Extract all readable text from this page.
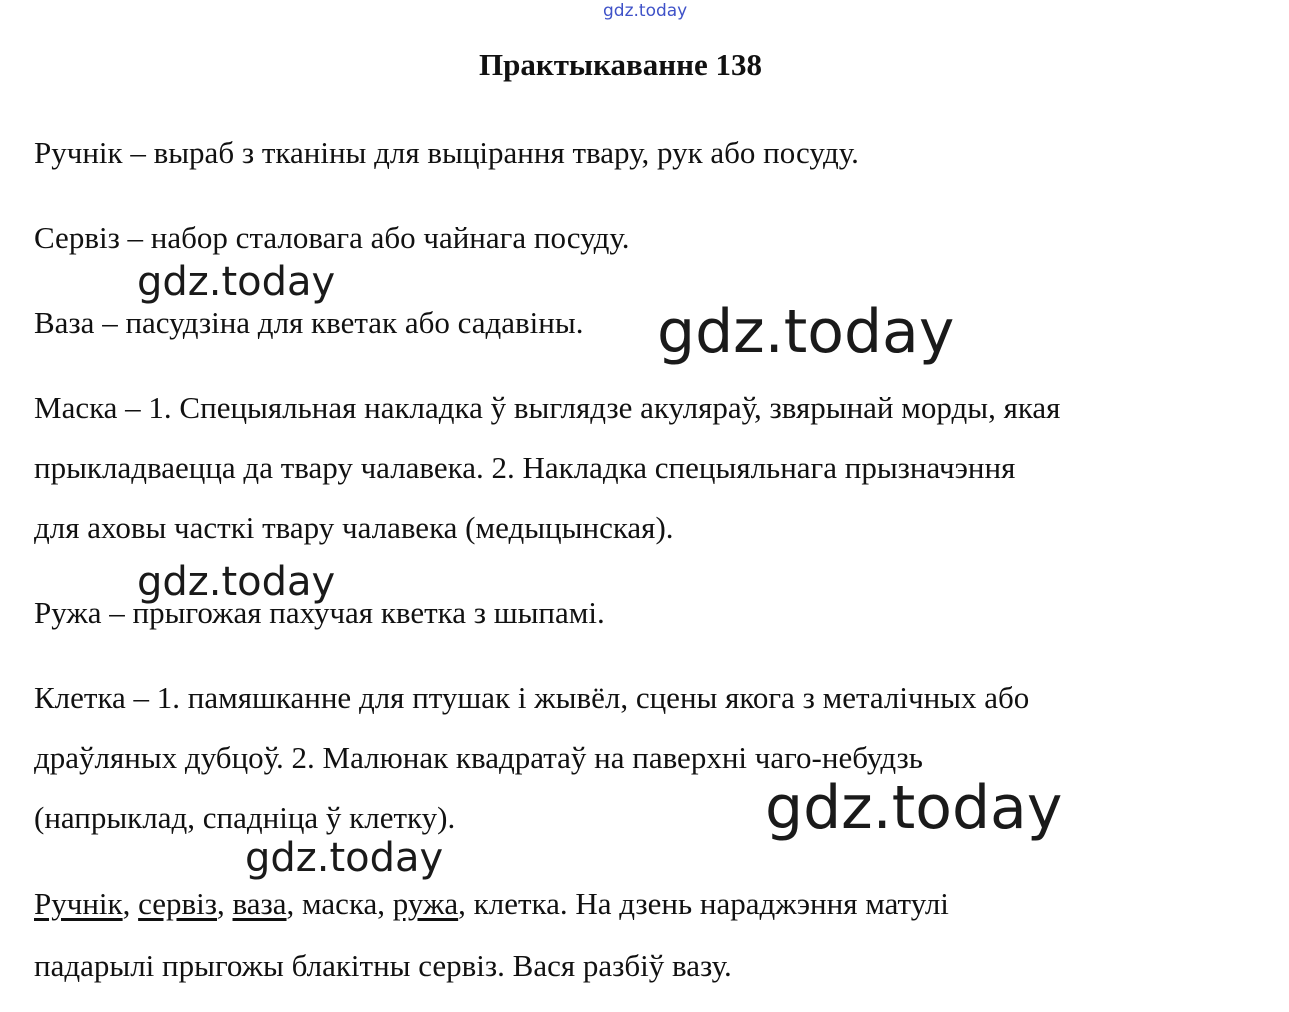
gdz.today
Практыкаванне 138

Ручнік – выраб з тканіны для выцірання твару, рук або посуду.

Сервіз – набор сталовага або чайнага посуду.

Ваза – пасудзіна для кветак або садавіны.

Маска – 1. Спецыяльная накладка ў выглядзе акуляраў, звярынай морды, якая

прыкладваецца да твару чалавека. 2. Накладка спецыяльнага прызначэння

для аховы часткі твару чалавека (медыцынская).

Ружа – прыгожая пахучая кветка з шыпамі.

Клетка – 1. памяшканне для птушак і жывёл, сцены якога з металічных або

драўляных дубцоў. 2. Малюнак квадратаў на паверхні чаго-небудзь

(напрыклад, спадніца ў клетку).

Ручнік, сервіз, ваза, маска, ружа, клетка. На дзень нараджэння матулі

падарылі прыгожы блакітны сервіз. Вася разбіў вазу.

gdz.today
gdz.today
gdz.today
gdz.today
gdz.today
